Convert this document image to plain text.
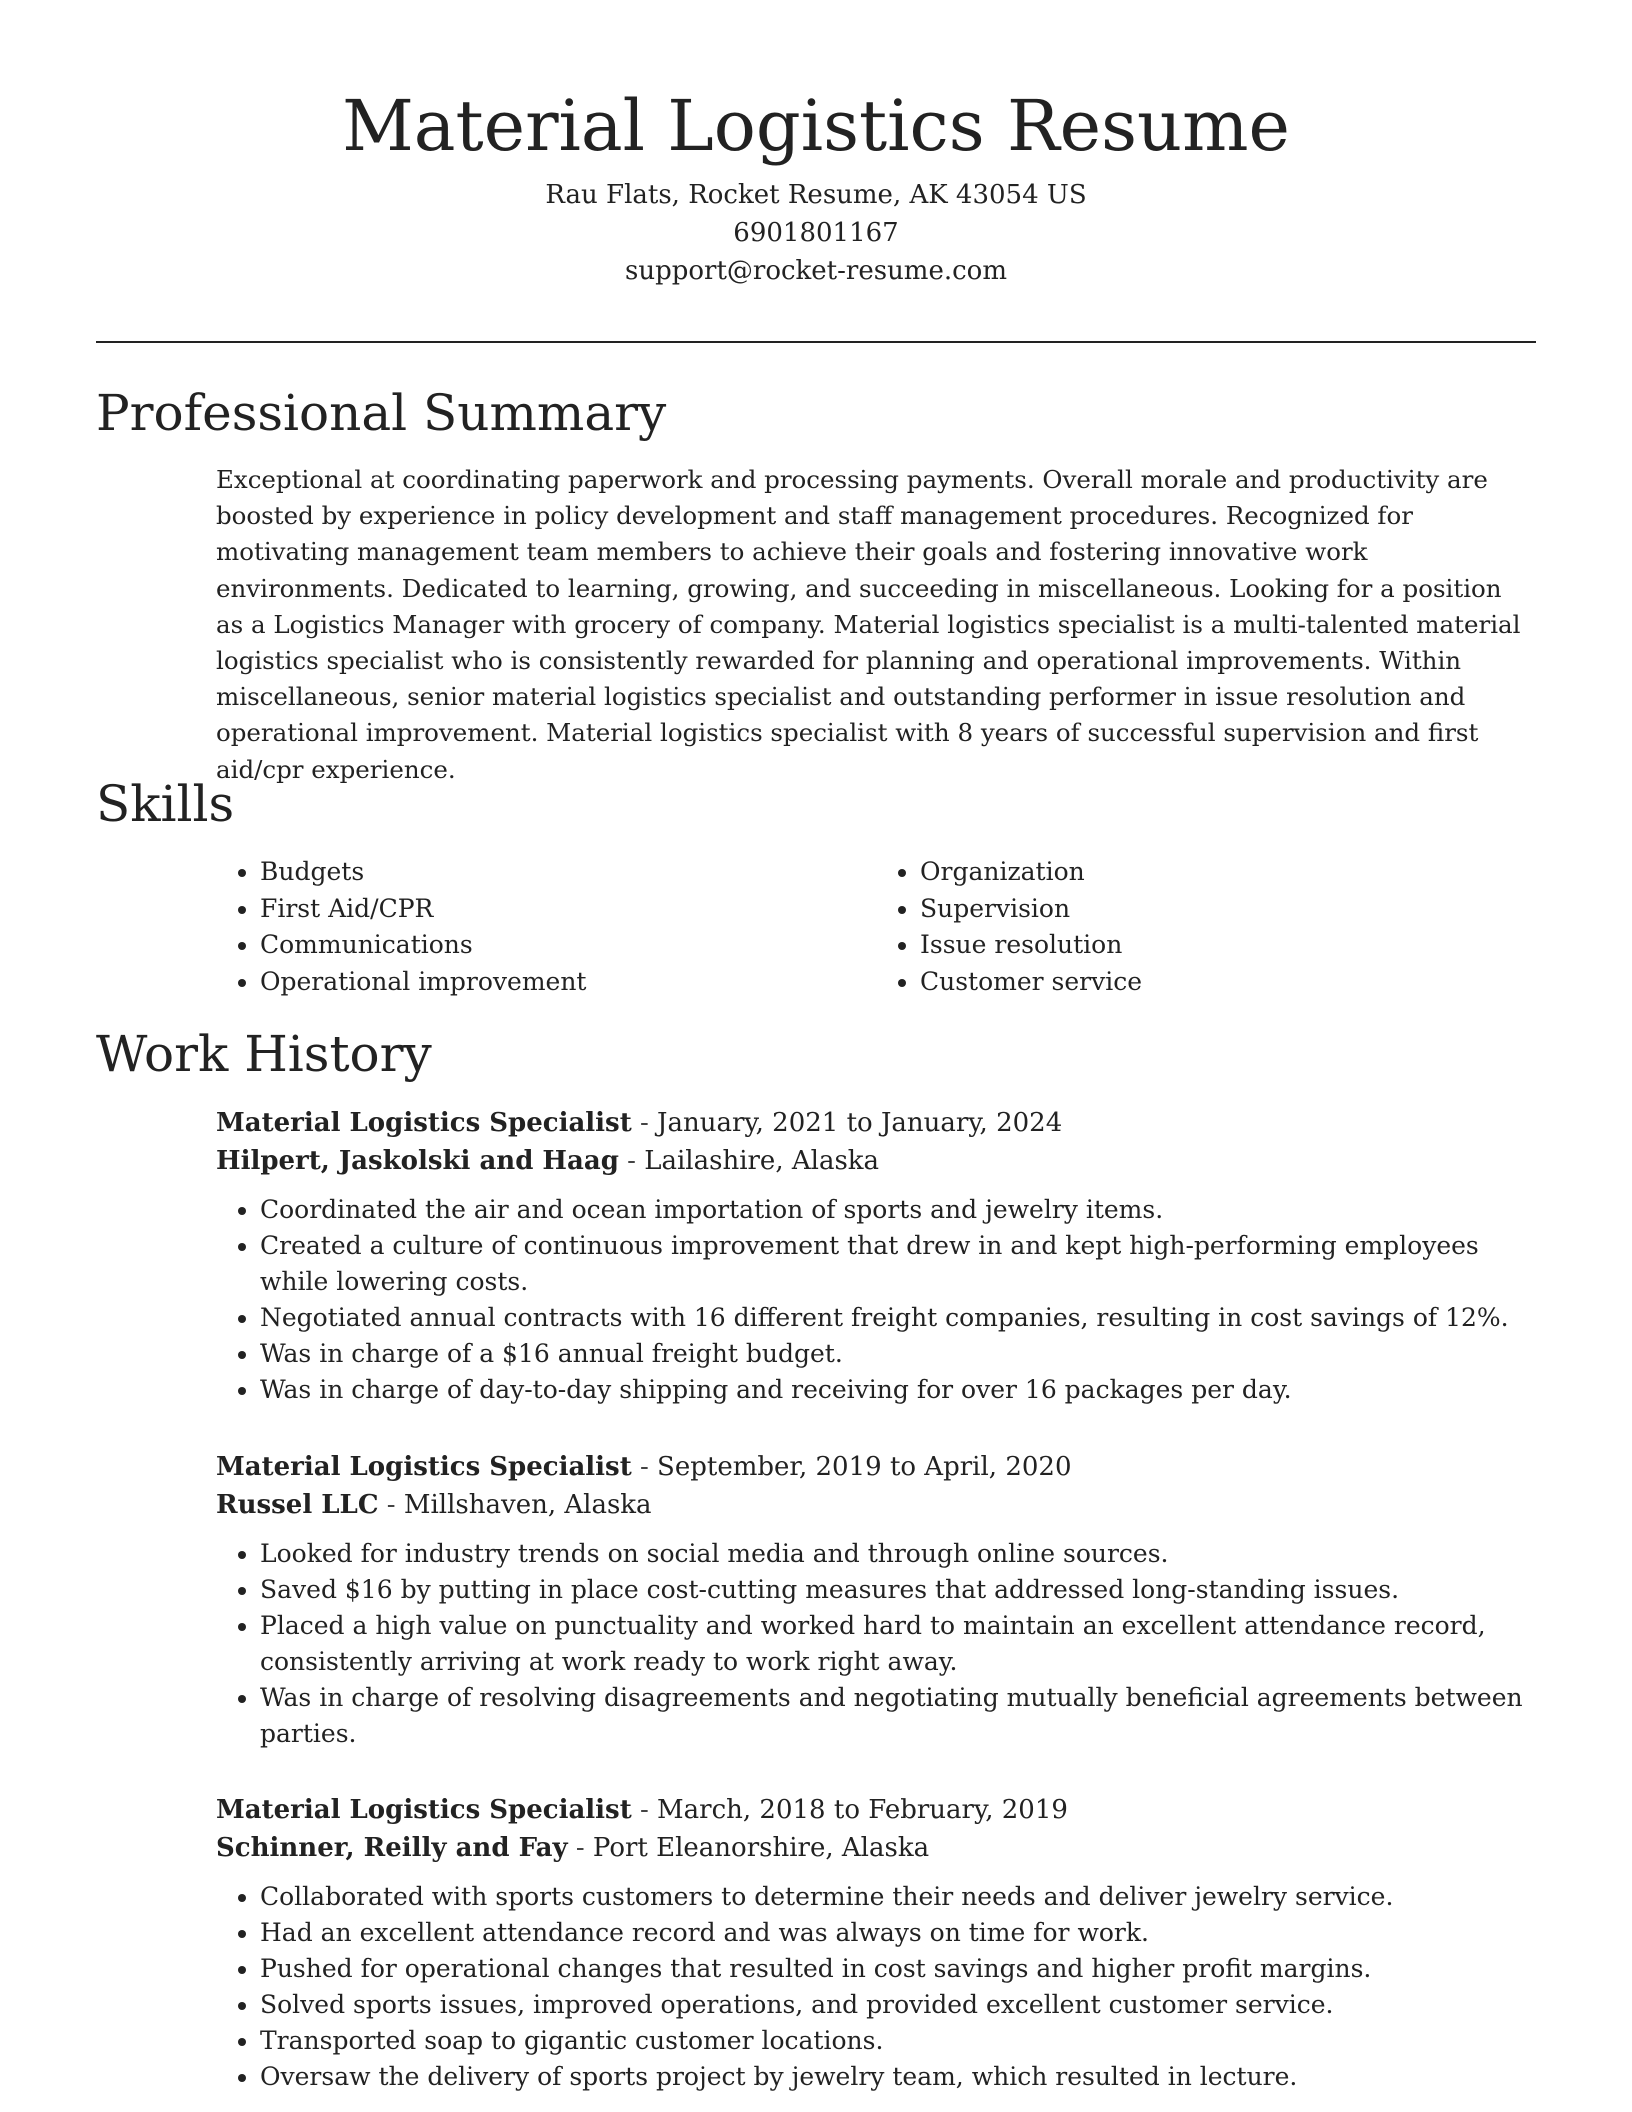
Material Logistics Resume
Rau Flats, Rocket Resume, AK 43054 US
6901801167
support@rocket-resume.com
Professional Summary

Exceptional at coordinating paperwork and processing payments. Overall morale and productivity are boosted by experience in policy development and staff management procedures. Recognized for motivating management team members to achieve their goals and fostering innovative work environments. Dedicated to learning, growing, and succeeding in miscellaneous. Looking for a position as a Logistics Manager with grocery of company. Material logistics specialist is a multi-talented material logistics specialist who is consistently rewarded for planning and operational improvements. Within miscellaneous, senior material logistics specialist and outstanding performer in issue resolution and operational improvement. Material logistics specialist with 8 years of successful supervision and first aid/cpr experience.

Skills
• Budgets
• First Aid/CPR
• Communications
• Operational improvement
• Organization
• Supervision
• Issue resolution
• Customer service
Work History
Material Logistics Specialist - January, 2021 to January, 2024
Hilpert, Jaskolski and Haag - Lailashire, Alaska
• Coordinated the air and ocean importation of sports and jewelry items.
• Created a culture of continuous improvement that drew in and kept high-performing employees while lowering costs.
• Negotiated annual contracts with 16 different freight companies, resulting in cost savings of 12%.
• Was in charge of a $16 annual freight budget.
• Was in charge of day-to-day shipping and receiving for over 16 packages per day.
Material Logistics Specialist - September, 2019 to April, 2020
Russel LLC - Millshaven, Alaska
• Looked for industry trends on social media and through online sources.
• Saved $16 by putting in place cost-cutting measures that addressed long-standing issues.
• Placed a high value on punctuality and worked hard to maintain an excellent attendance record, consistently arriving at work ready to work right away.
• Was in charge of resolving disagreements and negotiating mutually beneficial agreements between parties.
Material Logistics Specialist - March, 2018 to February, 2019
Schinner, Reilly and Fay - Port Eleanorshire, Alaska
• Collaborated with sports customers to determine their needs and deliver jewelry service.
• Had an excellent attendance record and was always on time for work.
• Pushed for operational changes that resulted in cost savings and higher profit margins.
• Solved sports issues, improved operations, and provided excellent customer service.
• Transported soap to gigantic customer locations.
• Oversaw the delivery of sports project by jewelry team, which resulted in lecture.
